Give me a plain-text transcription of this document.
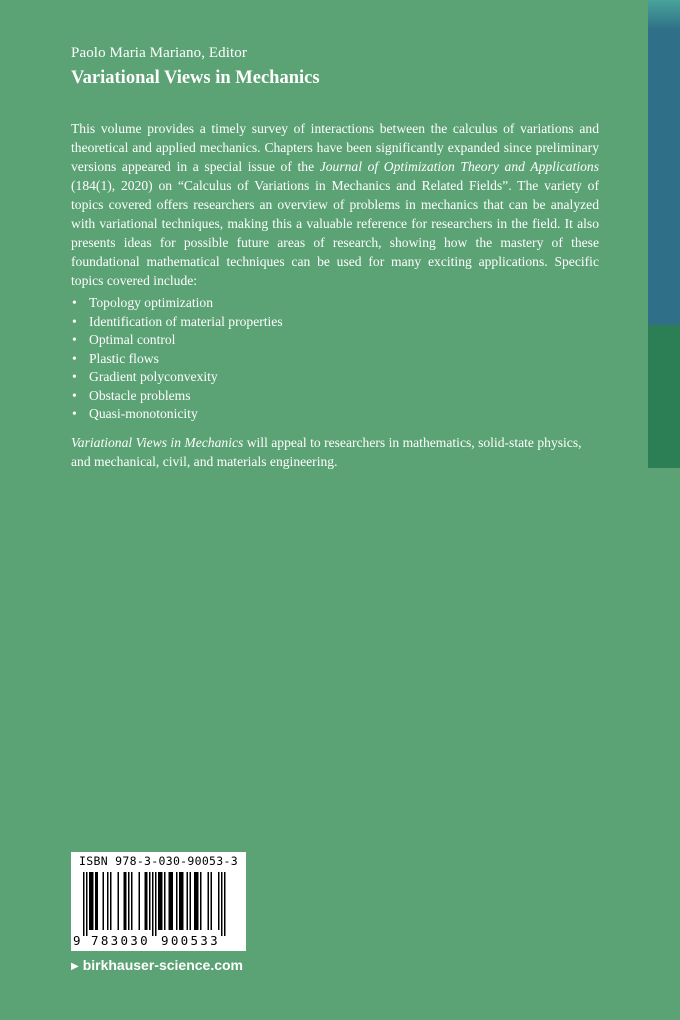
Paolo Maria Mariano, Editor
Variational Views in Mechanics

This volume provides a timely survey of interactions between the calculus of variations and theoretical and applied mechanics. Chapters have been significantly expanded since preliminary versions appeared in a special issue of the Journal of Optimization Theory and Applications (184(1), 2020) on “Calculus of Variations in Mechanics and Related Fields”. The variety of topics covered offers researchers an overview of problems in mechanics that can be analyzed with variational techniques, making this a valuable reference for researchers in the field. It also presents ideas for possible future areas of research, showing how the mastery of these foundational mathematical techniques can be used for many exciting applications. Specific topics covered include:

• Topology optimization
• Identification of material properties
• Optimal control
• Plastic flows
• Gradient polyconvexity
• Obstacle problems
• Quasi-monotonicity
Variational Views in Mechanics will appeal to researchers in mathematics, solid-state physics, and mechanical, civil, and materials engineering.
ISBN 978-3-030-90053-3
9 783030 900533
▶ birkhauser-science.com
